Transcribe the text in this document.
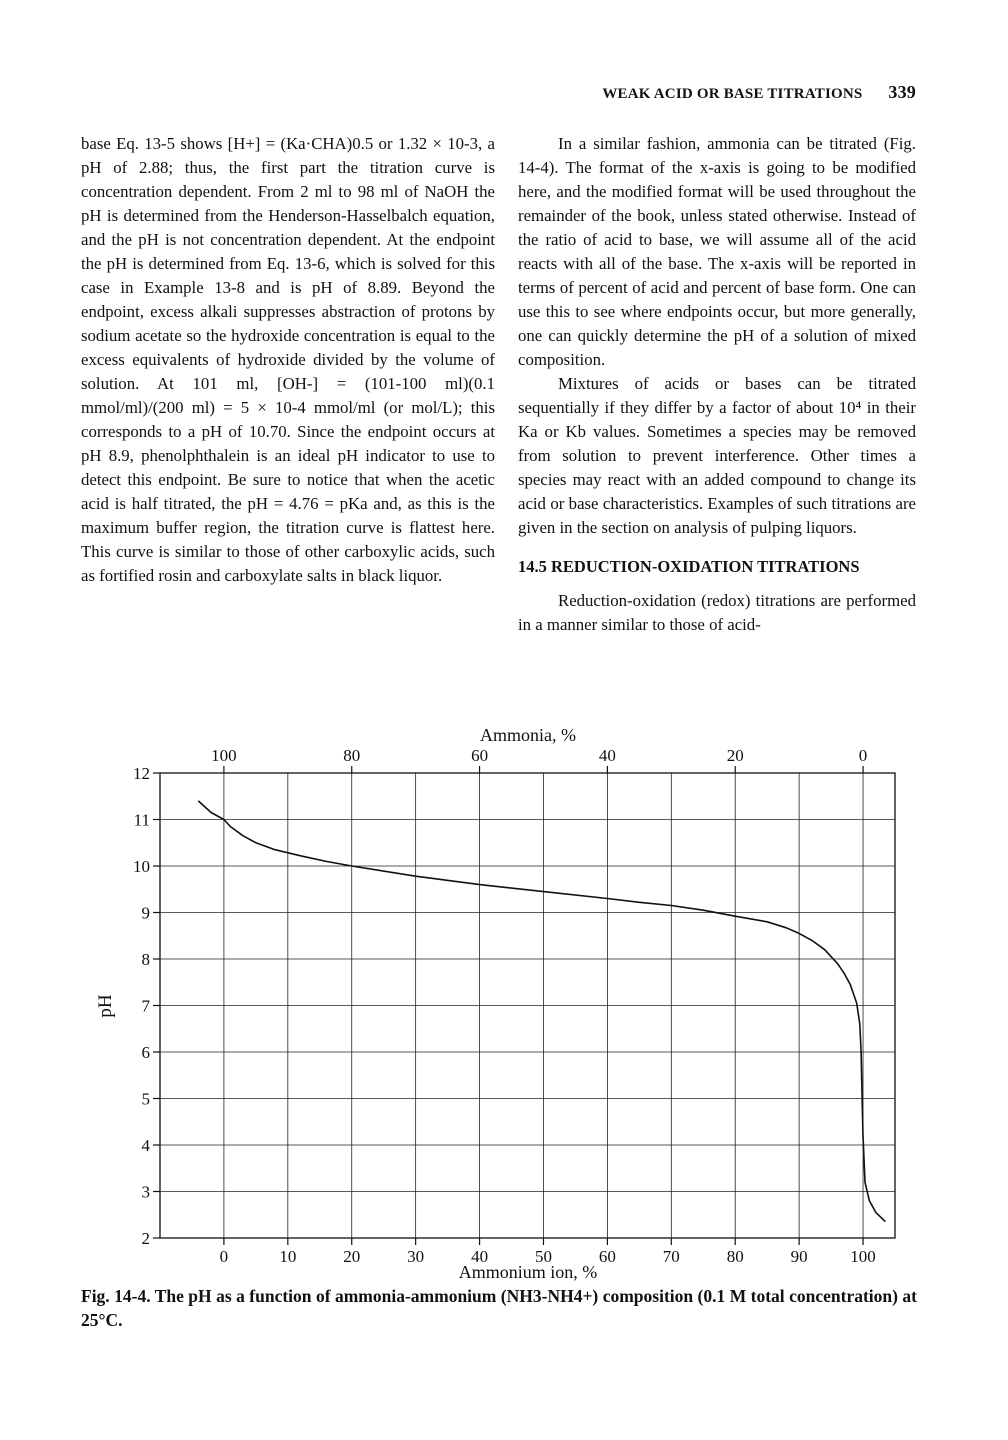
WEAK ACID OR BASE TITRATIONS 339

base Eq. 13-5 shows [H+] = (Ka·CHA)0.5 or 1.32 × 10-3, a pH of 2.88; thus, the first part the titration curve is concentration dependent. From 2 ml to 98 ml of NaOH the pH is determined from the Henderson-Hasselbalch equation, and the pH is not concentration dependent. At the endpoint the pH is determined from Eq. 13-6, which is solved for this case in Example 13-8 and is pH of 8.89. Beyond the endpoint, excess alkali suppresses abstraction of protons by sodium acetate so the hydroxide concentration is equal to the excess equivalents of hydroxide divided by the volume of solution. At 101 ml, [OH-] = (101-100 ml)(0.1 mmol/ml)/(200 ml) = 5 × 10-4 mmol/ml (or mol/L); this corresponds to a pH of 10.70. Since the endpoint occurs at pH 8.9, phenolphthalein is an ideal pH indicator to use to detect this endpoint. Be sure to notice that when the acetic acid is half titrated, the pH = 4.76 = pKa and, as this is the maximum buffer region, the titration curve is flattest here. This curve is similar to those of other carboxylic acids, such as fortified rosin and carboxylate salts in black liquor.

In a similar fashion, ammonia can be titrated (Fig. 14-4). The format of the x-axis is going to be modified here, and the modified format will be used throughout the remainder of the book, unless stated otherwise. Instead of the ratio of acid to base, we will assume all of the acid reacts with all of the base. The x-axis will be reported in terms of percent of acid and percent of base form. One can use this to see where endpoints occur, but more generally, one can quickly determine the pH of a solution of mixed composition.

Mixtures of acids or bases can be titrated sequentially if they differ by a factor of about 10⁴ in their Ka or Kb values. Sometimes a species may be removed from solution to prevent interference. Other times a species may react with an added compound to change its acid or base characteristics. Examples of such titrations are given in the section on analysis of pulping liquors.

14.5 REDUCTION-OXIDATION TITRATIONS

Reduction-oxidation (redox) titrations are performed in a manner similar to those of acid-

2
3
4
5
6
7
8
9
10
11
12
0	10	20	30	40	50	60	70	80	90	100
100	80	60	40	20	0
Ammonia, %
Ammonium ion, %
pH
Fig. 14-4. The pH as a function of ammonia-ammonium (NH3-NH4+) composition (0.1 M total concentration) at 25°C.
